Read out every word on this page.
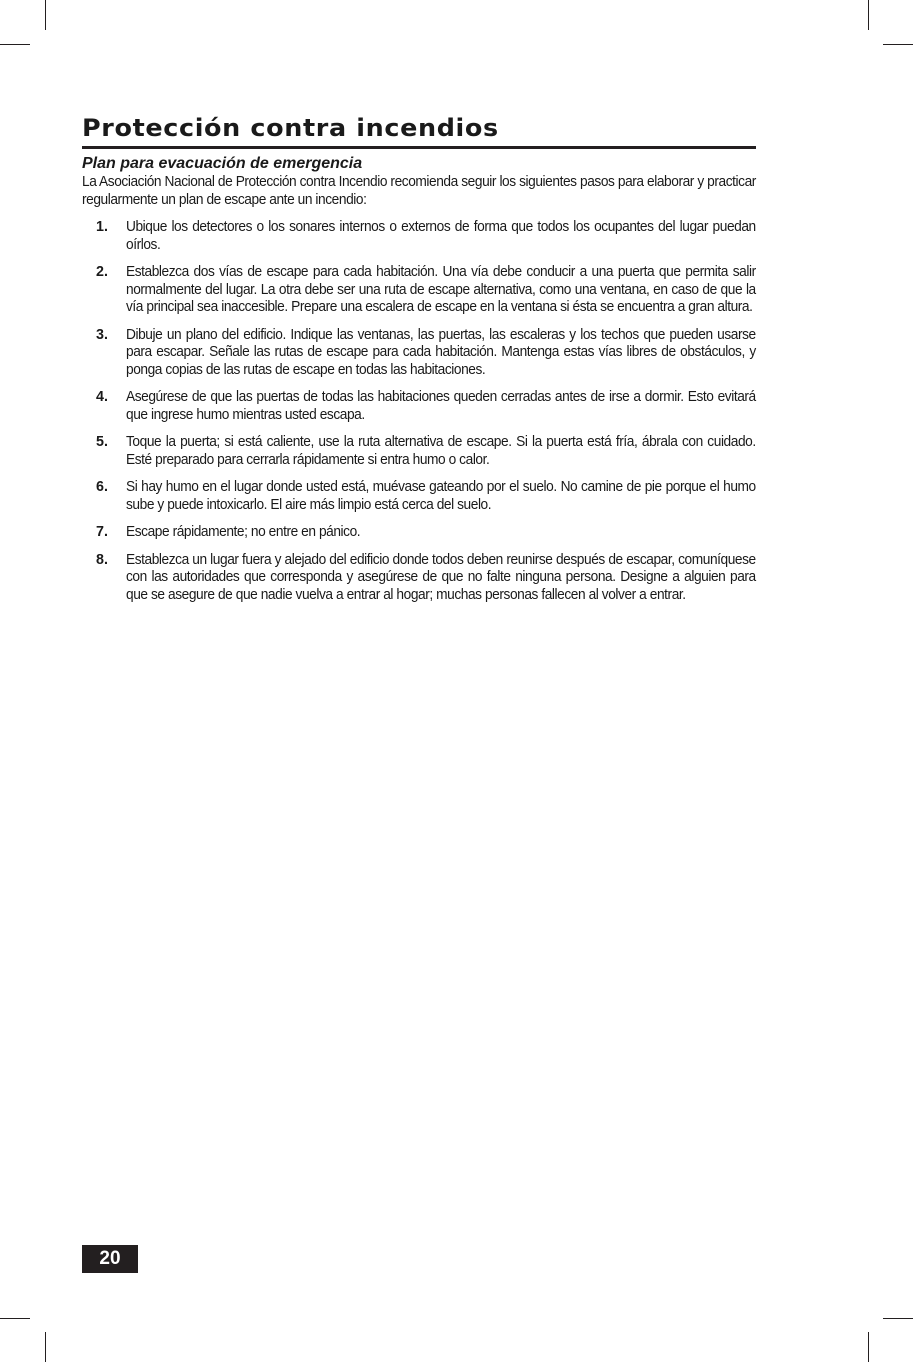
Protección contra incendios
Plan para evacuación de emergencia

La Asociación Nacional de Protección contra Incendio recomienda seguir los siguientes pasos para elaborar y practicar regularmente un plan de escape ante un incendio:

1.	Ubique los detectores o los sonares internos o externos de forma que todos los ocupantes del lugar puedan oírlos.
2.	Establezca dos vías de escape para cada habitación. Una vía debe conducir a una puerta que permita salir normalmente del lugar. La otra debe ser una ruta de escape alternativa, como una ventana, en caso de que la vía principal sea inaccesible. Prepare una escalera de escape en la ventana si ésta se encuentra a gran altura.
3.	Dibuje un plano del edificio. Indique las ventanas, las puertas, las escaleras y los techos que pueden usarse para escapar. Señale las rutas de escape para cada habitación. Mantenga estas vías libres de obstáculos, y ponga copias de las rutas de escape en todas las habitaciones.
4.	Asegúrese de que las puertas de todas las habitaciones queden cerradas antes de irse a dormir. Esto evitará que ingrese humo mientras usted escapa.
5.	Toque la puerta; si está caliente, use la ruta alternativa de escape. Si la puerta está fría, ábrala con cuidado. Esté preparado para cerrarla rápidamente si entra humo o calor.
6.	Si hay humo en el lugar donde usted está, muévase gateando por el suelo. No camine de pie porque el humo sube y puede intoxicarlo. El aire más limpio está cerca del suelo.
7.	Escape rápidamente; no entre en pánico.
8.	Establezca un lugar fuera y alejado del edificio donde todos deben reunirse después de escapar, comuníquese con las autoridades que corresponda y asegúrese de que no falte ninguna persona. Designe a alguien para que se asegure de que nadie vuelva a entrar al hogar; muchas personas fallecen al volver a entrar.
20
